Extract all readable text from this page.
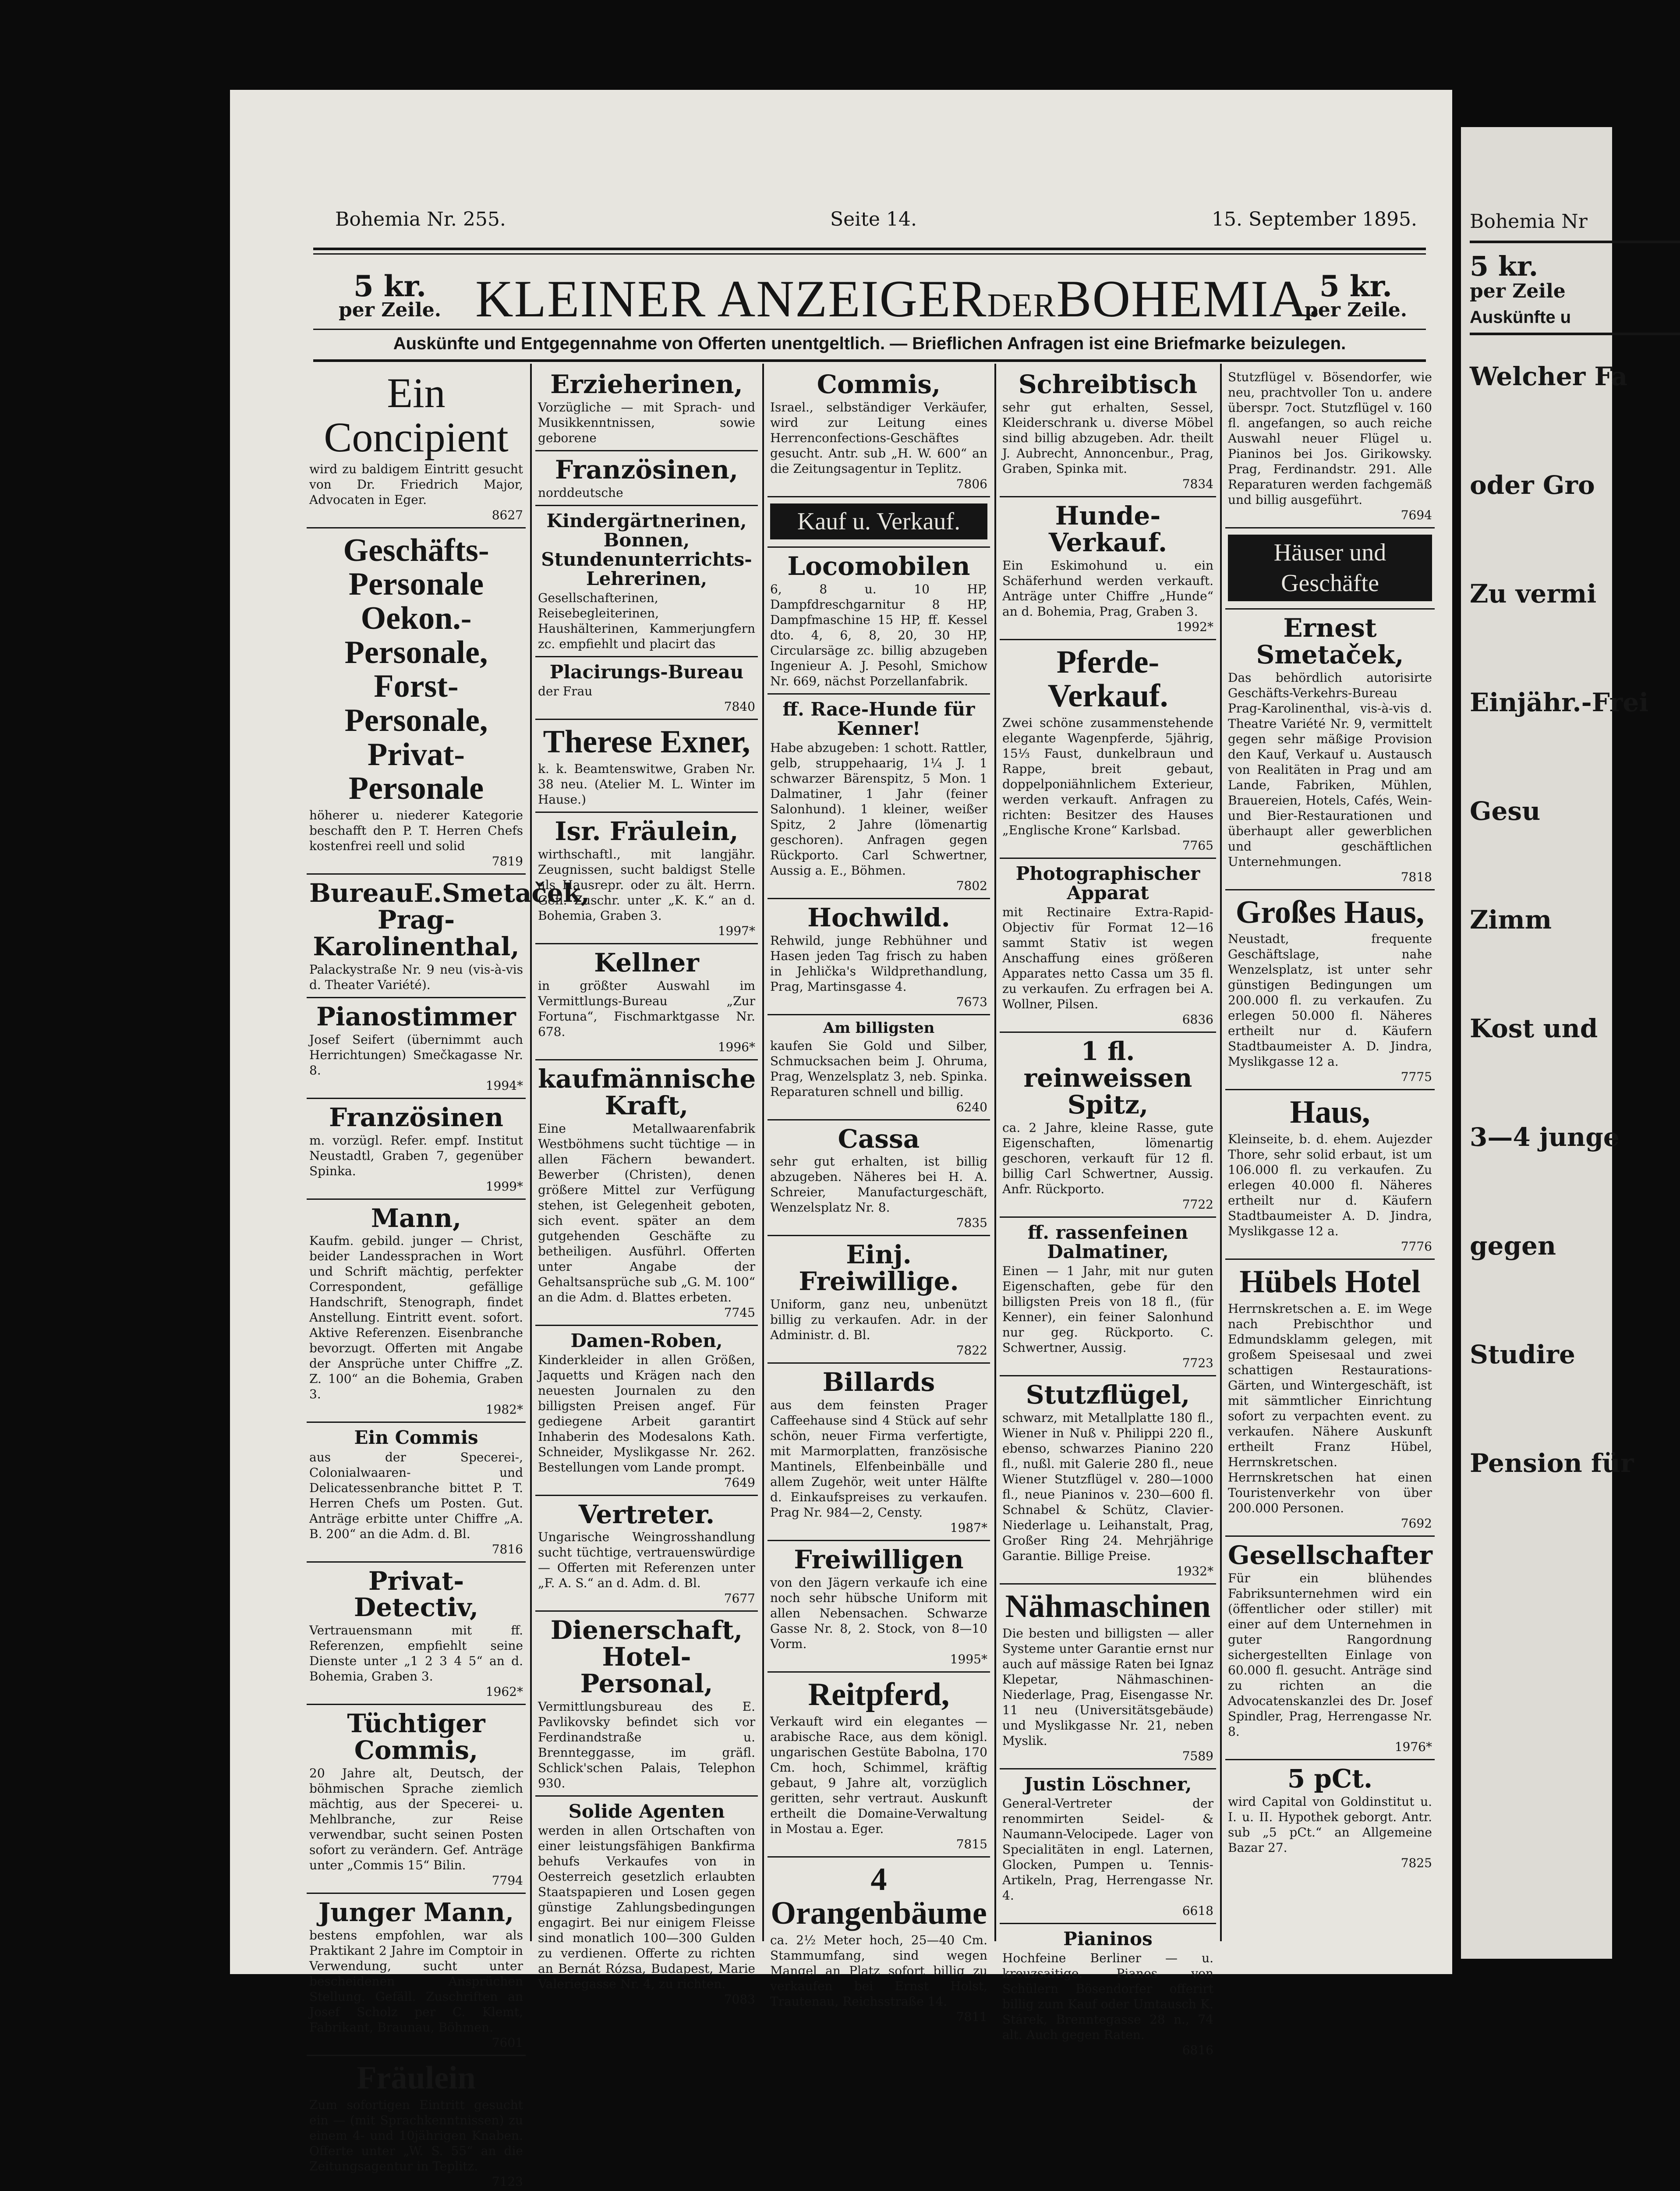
Bohemia Nr. 255.	Seite 14.	15. September 1895.
5 kr.
per Zeile. KLEINER ANZEIGERDERBOHEMIA.
5 kr.
per Zeile.
Auskünfte und Entgegennahme von Offerten unentgeltlich. — Brieflichen Anfragen ist eine Briefmarke beizulegen.
Ein Concipient
wird zu baldigem Eintritt gesucht von Dr. Friedrich Major, Advocaten in Eger.
8627
Geschäfts-Personale Oekon.-Personale, Forst-Personale, Privat-Personale
höherer u. niederer Kategorie beschafft den P. T. Herren Chefs kostenfrei reell und solid
7819
BureauE.Smetaček, Prag-Karolinenthal,
Palackystraße Nr. 9 neu (vis-à-vis d. Theater Variété).
Pianostimmer
Josef Seifert (übernimmt auch Herrichtungen) Smečkagasse Nr. 8.
1994*
Französinen
m. vorzügl. Refer. empf. Institut Neustadtl, Graben 7, gegenüber Spinka.
1999*
Mann,
Kaufm. gebild. junger — Christ, beider Landessprachen in Wort und Schrift mächtig, perfekter Correspondent, gefällige Handschrift, Stenograph, findet Anstellung. Eintritt event. sofort. Aktive Referenzen. Eisenbranche bevorzugt. Offerten mit Angabe der Ansprüche unter Chiffre „Z. Z. 100“ an die Bohemia, Graben 3.
1982*
Ein Commis
aus der Specerei-, Colonialwaaren- und Delicatessenbranche bittet P. T. Herren Chefs um Posten. Gut. Anträge erbitte unter Chiffre „A. B. 200“ an die Adm. d. Bl.
7816
Privat-Detectiv,
Vertrauensmann mit ff. Referenzen, empfiehlt seine Dienste unter „1 2 3 4 5“ an d. Bohemia, Graben 3.
1962*
Tüchtiger Commis,
20 Jahre alt, Deutsch, der böhmischen Sprache ziemlich mächtig, aus der Specerei- u. Mehlbranche, zur Reise verwendbar, sucht seinen Posten sofort zu verändern. Gef. Anträge unter „Commis 15“ Bilin.
7794
Junger Mann,
bestens empfohlen, war als Praktikant 2 Jahre im Comptoir in Verwendung, sucht unter bescheidenen Ansprüchen Stellung. Gefäll. Zuschriften an Josef Scholz per C. Klemt, Fabrikant, Braunau, Böhmen.
7601
Fräulein
Zum sofortigen Eintritt gesucht ein — (mit Sprachkenntnissen) zu einem 4- und 10jährigen Knaben. Offerte unter „W. S. 55“ an die Zeitungsagentur in Teplitz.
7123
Erzieherinen,
Vorzügliche — mit Sprach- und Musikkenntnissen, sowie geborene
Französinen,
norddeutsche
Kindergärtnerinen, Bonnen, Stundenunterrichts-Lehrerinen,
Gesellschafterinen, Reisebegleiterinen, Haushälterinen, Kammerjungfern zc. empfiehlt und placirt das
Placirungs-Bureau
der Frau
7840
Therese Exner,
k. k. Beamtenswitwe, Graben Nr. 38 neu. (Atelier M. L. Winter im Hause.)
Isr. Fräulein,
wirthschaftl., mit langjähr. Zeugnissen, sucht baldigst Stelle als Hausrepr. oder zu ält. Herrn. Gefl. Zuschr. unter „K. K.“ an d. Bohemia, Graben 3.
1997*
Kellner
in größter Auswahl im Vermittlungs-Bureau „Zur Fortuna“, Fischmarktgasse Nr. 678.
1996*
kaufmännische Kraft,
Eine Metallwaarenfabrik Westböhmens sucht tüchtige — in allen Fächern bewandert. Bewerber (Christen), denen größere Mittel zur Verfügung stehen, ist Gelegenheit geboten, sich event. später an dem gutgehenden Geschäfte zu betheiligen. Ausführl. Offerten unter Angabe der Gehaltsansprüche sub „G. M. 100“ an die Adm. d. Blattes erbeten.
7745
Damen-Roben,
Kinderkleider in allen Größen, Jaquetts und Krägen nach den neuesten Journalen zu den billigsten Preisen angef. Für gediegene Arbeit garantirt Inhaberin des Modesalons Kath. Schneider, Myslikgasse Nr. 262. Bestellungen vom Lande prompt.
7649
Vertreter.
Ungarische Weingrosshandlung sucht tüchtige, vertrauenswürdige — Offerten mit Referenzen unter „F. A. S.“ an d. Adm. d. Bl.
7677
Dienerschaft, Hotel-Personal,
Vermittlungsbureau des E. Pavlikovsky befindet sich vor Ferdinandstraße u. Brennteggasse, im gräfl. Schlick'schen Palais, Telephon 930.
Solide Agenten
werden in allen Ortschaften von einer leistungsfähigen Bankfirma behufs Verkaufes von in Oesterreich gesetzlich erlaubten Staatspapieren und Losen gegen günstige Zahlungsbedingungen engagirt. Bei nur einigem Fleisse sind monatlich 100—300 Gulden zu verdienen. Offerte zu richten an Bernát Rózsa, Budapest, Marie Valeriegasse Nr. 4, zu richten.
7083
Commis,
Israel., selbständiger Verkäufer, wird zur Leitung eines Herrenconfections-Geschäftes gesucht. Antr. sub „H. W. 600“ an die Zeitungsagentur in Teplitz.
7806
Kauf u. Verkauf.
Locomobilen
6, 8 u. 10 HP, Dampfdreschgarnitur 8 HP, Dampfmaschine 15 HP, ff. Kessel dto. 4, 6, 8, 20, 30 HP, Circularsäge zc. billig abzugeben Ingenieur A. J. Pesohl, Smichow Nr. 669, nächst Porzellanfabrik.
ff. Race-Hunde für Kenner!
Habe abzugeben: 1 schott. Rattler, gelb, struppehaarig, 1¼ J. 1 schwarzer Bärenspitz, 5 Mon. 1 Dalmatiner, 1 Jahr (feiner Salonhund). 1 kleiner, weißer Spitz, 2 Jahre (lömenartig geschoren). Anfragen gegen Rückporto. Carl Schwertner, Aussig a. E., Böhmen.
7802
Hochwild.
Rehwild, junge Rebhühner und Hasen jeden Tag frisch zu haben in Jehlička's Wildprethandlung, Prag, Martinsgasse 4.
7673
Am billigsten
kaufen Sie Gold und Silber, Schmucksachen beim J. Ohruma, Prag, Wenzelsplatz 3, neb. Spinka. Reparaturen schnell und billig.
6240
Cassa
sehr gut erhalten, ist billig abzugeben. Näheres bei H. A. Schreier, Manufacturgeschäft, Wenzelsplatz Nr. 8.
7835
Einj. Freiwillige.
Uniform, ganz neu, unbenützt billig zu verkaufen. Adr. in der Administr. d. Bl.
7822
Billards
aus dem feinsten Prager Caffeehause sind 4 Stück auf sehr schön, neuer Firma verfertigte, mit Marmorplatten, französische Mantinels, Elfenbeinbälle und allem Zugehör, weit unter Hälfte d. Einkaufspreises zu verkaufen. Prag Nr. 984—2, Censty.
1987*
Freiwilligen
von den Jägern verkaufe ich eine noch sehr hübsche Uniform mit allen Nebensachen. Schwarze Gasse Nr. 8, 2. Stock, von 8—10 Vorm.
1995*
Reitpferd,
Verkauft wird ein elegantes — arabische Race, aus dem königl. ungarischen Gestüte Babolna, 170 Cm. hoch, Schimmel, kräftig gebaut, 9 Jahre alt, vorzüglich geritten, sehr vertraut. Auskunft ertheilt die Domaine-Verwaltung in Mostau a. Eger.
7815
4 Orangenbäume
ca. 2½ Meter hoch, 25—40 Cm. Stammumfang, sind wegen Mangel an Platz sofort billig zu verkaufen bei Ernst Holst, Trautenau, Reichsstraße 14.
7811
Schreibtisch
sehr gut erhalten, Sessel, Kleiderschrank u. diverse Möbel sind billig abzugeben. Adr. theilt J. Aubrecht, Annoncenbur., Prag, Graben, Spinka mit.
7834
Hunde-Verkauf.
Ein Eskimohund u. ein Schäferhund werden verkauft. Anträge unter Chiffre „Hunde“ an d. Bohemia, Prag, Graben 3.
1992*
Pferde-Verkauf.
Zwei schöne zusammenstehende elegante Wagenpferde, 5jährig, 15⅓ Faust, dunkelbraun und Rappe, breit gebaut, doppelponiähnlichem Exterieur, werden verkauft. Anfragen zu richten: Besitzer des Hauses „Englische Krone“ Karlsbad.
7765
Photographischer Apparat
mit Rectinaire Extra-Rapid-Objectiv für Format 12—16 sammt Stativ ist wegen Anschaffung eines größeren Apparates netto Cassa um 35 fl. zu verkaufen. Zu erfragen bei A. Wollner, Pilsen.
6836
1 fl. reinweissen Spitz,
ca. 2 Jahre, kleine Rasse, gute Eigenschaften, lömenartig geschoren, verkauft für 12 fl. billig Carl Schwertner, Aussig. Anfr. Rückporto.
7722
ff. rassenfeinen Dalmatiner,
Einen — 1 Jahr, mit nur guten Eigenschaften, gebe für den billigsten Preis von 18 fl., (für Kenner), ein feiner Salonhund nur geg. Rückporto. C. Schwertner, Aussig.
7723
Stutzflügel,
schwarz, mit Metallplatte 180 fl., Wiener in Nuß v. Philippi 220 fl., ebenso, schwarzes Pianino 220 fl., nußl. mit Galerie 280 fl., neue Wiener Stutzflügel v. 280—1000 fl., neue Pianinos v. 230—600 fl. Schnabel & Schütz, Clavier-Niederlage u. Leihanstalt, Prag, Großer Ring 24. Mehrjährige Garantie. Billige Preise.
1932*
Nähmaschinen
Die besten und billigsten — aller Systeme unter Garantie ernst nur auch auf mässige Raten bei Ignaz Klepetar, Nähmaschinen-Niederlage, Prag, Eisengasse Nr. 11 neu (Universitätsgebäude) und Myslikgasse Nr. 21, neben Myslik.
7589
Justin Löschner,
General-Vertreter der renommirten Seidel- & Naumann-Velocipede. Lager von Specialitäten in engl. Laternen, Glocken, Pumpen u. Tennis-Artikeln, Prag, Herrengasse Nr. 4.
6618
Pianinos
Hochfeine Berliner — u. kreuzsaitige. Pianos von Schülern Bösendorfer offerirt billig zum Kauf oder Umtausch K. Stárek, Brenntegasse 28 n., 74 alt. Auch gegen Raten.
6816
Stutzflügel v. Bösendorfer, wie neu, prachtvoller Ton u. andere überspr. 7oct. Stutzflügel v. 160 fl. angefangen, so auch reiche Auswahl neuer Flügel u. Pianinos bei Jos. Girikowsky. Prag, Ferdinandstr. 291. Alle Reparaturen werden fachgemäß und billig ausgeführt.
7694
Häuser und Geschäfte
Ernest Smetaček,
Das behördlich autorisirte Geschäfts-Verkehrs-Bureau Prag-Karolinenthal, vis-à-vis d. Theatre Variété Nr. 9, vermittelt gegen sehr mäßige Provision den Kauf, Verkauf u. Austausch von Realitäten in Prag und am Lande, Fabriken, Mühlen, Brauereien, Hotels, Cafés, Wein- und Bier-Restaurationen und überhaupt aller gewerblichen und geschäftlichen Unternehmungen.
7818
Großes Haus,
Neustadt, frequente Geschäftslage, nahe Wenzelsplatz, ist unter sehr günstigen Bedingungen um 200.000 fl. zu verkaufen. Zu erlegen 50.000 fl. Näheres ertheilt nur d. Käufern Stadtbaumeister A. D. Jindra, Myslikgasse 12 a.
7775
Haus,
Kleinseite, b. d. ehem. Aujezder Thore, sehr solid erbaut, ist um 106.000 fl. zu verkaufen. Zu erlegen 40.000 fl. Näheres ertheilt nur d. Käufern Stadtbaumeister A. D. Jindra, Myslikgasse 12 a.
7776
Hübels Hotel
Herrnskretschen a. E. im Wege nach Prebischthor und Edmundsklamm gelegen, mit großem Speisesaal und zwei schattigen Restaurations-Gärten, und Wintergeschäft, ist mit sämmtlicher Einrichtung sofort zu verpachten event. zu verkaufen. Nähere Auskunft ertheilt Franz Hübel, Herrnskretschen. Herrnskretschen hat einen Touristenverkehr von über 200.000 Personen.
7692
Gesellschafter
Für ein blühendes Fabriksunternehmen wird ein (öffentlicher oder stiller) mit einer auf dem Unternehmen in guter Rangordnung sichergestellten Einlage von 60.000 fl. gesucht. Anträge sind zu richten an die Advocatenskanzlei des Dr. Josef Spindler, Prag, Herrengasse Nr. 8.
1976*
5 pCt.
wird Capital von Goldinstitut u. I. u. II. Hypothek geborgt. Antr. sub „5 pCt.“ an Allgemeine Bazar 27.
7825
Bohemia Nr
5 kr.
per Zeile
Auskünfte u
Welcher Fa
oder Gro
Zu vermi
Einjähr.-Frei
Gesu
Zimm
Kost und
3—4 junge
gegen
Studire
Pension für
